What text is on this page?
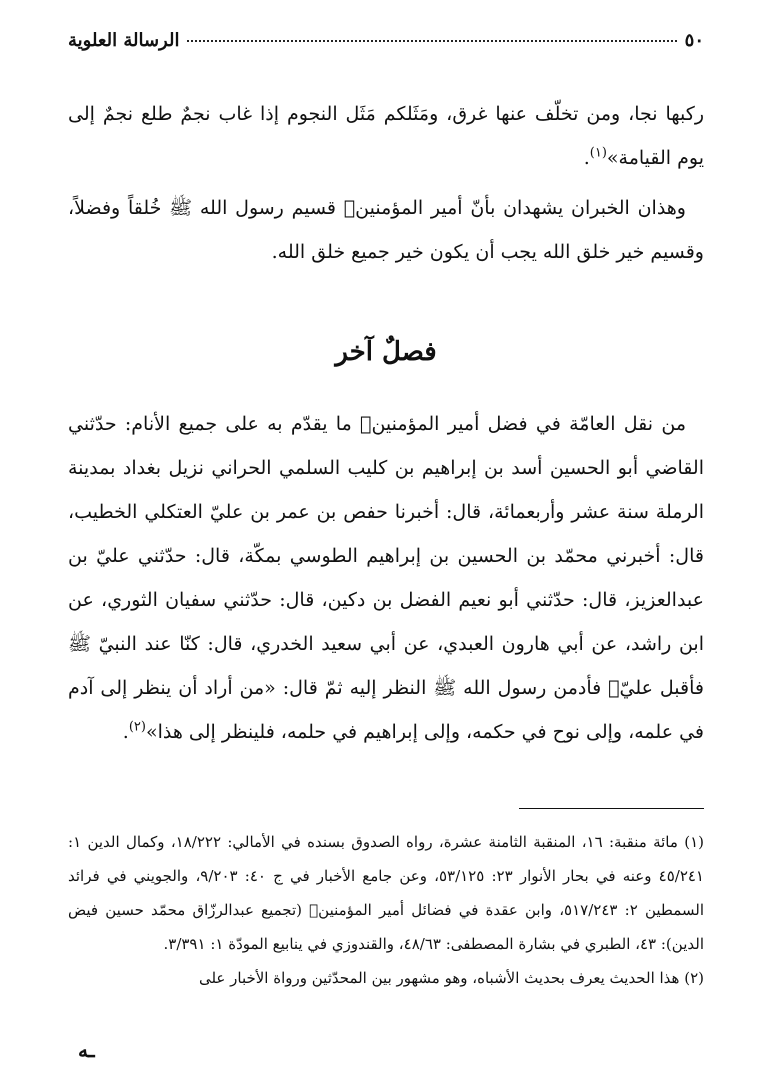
٥٠
الرسالة العلوية

ركبها نجا، ومن تخلّف عنها غرق، ومَثَلكم مَثَل النجوم إذا غاب نجمٌ طلع نجمٌ إلى يوم القيامة»$^{(١)}$.

وهذان الخبران يشهدان بأنّ أمير المؤمنين﷣ قسيم رسول الله ﷺ خُلقاً وفضلاً، وقسيم خير خلق الله يجب أن يكون خير جميع خلق الله.

فصلٌ آخر

من نقل العامّة في فضل أمير المؤمنين﷣ ما يقدّم به على جميع الأنام: حدّثني القاضي أبو الحسين أسد بن إبراهيم بن كليب السلمي الحراني نزيل بغداد بمدينة الرملة سنة عشر وأربعمائة، قال: أخبرنا حفص بن عمر بن عليّ العتكلي الخطيب، قال: أخبرني محمّد بن الحسين بن إبراهيم الطوسي بمكّة، قال: حدّثني عليّ بن عبدالعزيز، قال: حدّثني أبو نعيم الفضل بن دكين، قال: حدّثني سفيان الثوري، عن ابن راشد، عن أبي هارون العبدي، عن أبي سعيد الخدري، قال: كنّا عند النبيّ ﷺ فأقبل عليّ﷣ فأدمن رسول الله ﷺ النظر إليه ثمّ قال: «من أراد أن ينظر إلى آدم في علمه، وإلى نوح في حكمه، وإلى إبراهيم في حلمه، فلينظر إلى هذا»$^{(٢)}$.

(١) مائة منقبة: ١٦، المنقبة الثامنة عشرة، رواه الصدوق بسنده في الأمالي: ١٨/٢٢٢، وكمال الدين ١: ٤٥/٢٤١ وعنه في بحار الأنوار ٢٣: ٥٣/١٢٥، وعن جامع الأخبار في ج ٤٠: ٩/٢٠٣، والجويني في فرائد السمطين ٢: ٥١٧/٢٤٣، وابن عقدة في فضائل أمير المؤمنين﷣ (تجميع عبدالرزّاق محمّد حسين فيض الدين): ٤٣، الطبري في بشارة المصطفى: ٤٨/٦٣، والقندوزي في ينابيع المودّة ١: ٣/٣٩١.

(٢) هذا الحديث يعرف بحديث الأشباه، وهو مشهور بين المحدّثين ورواة الأخبار على

ـه
